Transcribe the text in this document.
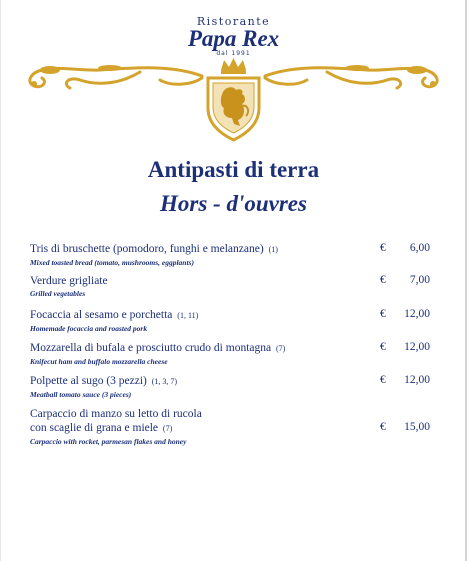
Ristorante
Papa Rex
dal 1991
Antipasti di terra
Hors - d'ouvres
Tris di bruschette (pomodoro, funghi e melanzane) (1)
Mixed toasted bread (tomato, mushrooms, eggplants)
€ 6,00
Verdure grigliate
Grilled vegetables
€ 7,00
Focaccia al sesamo e porchetta (1, 11)
Homemade focaccia and roasted pork
€ 12,00
Mozzarella di bufala e prosciutto crudo di montagna (7)
Knifecut ham and buffalo mozzarella cheese
€ 12,00
Polpette al sugo (3 pezzi) (1, 3, 7)
Meatball tomato sauce (3 pieces)
€ 12,00
Carpaccio di manzo su letto di rucola
con scaglie di grana e miele (7)
Carpaccio with rocket, parmesan flakes and honey
€ 15,00
